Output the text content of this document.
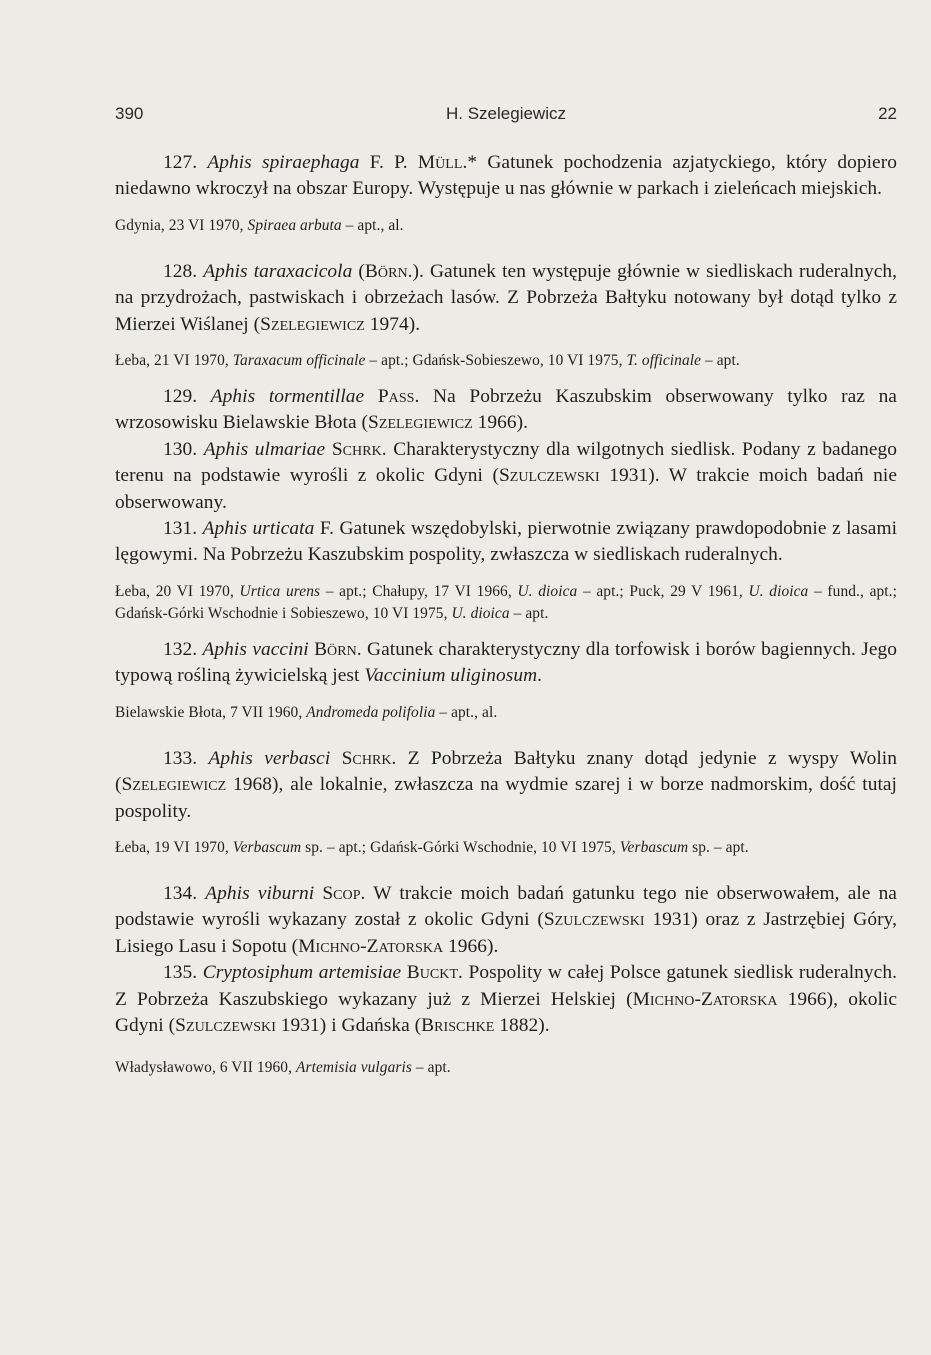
390	H. Szelegiewicz	22

127. Aphis spiraephaga F. P. Müll.* Gatunek pochodzenia azjatyckiego, który dopiero niedawno wkroczył na obszar Europy. Występuje u nas głównie w parkach i zieleńcach miejskich.

Gdynia, 23 VI 1970, Spiraea arbuta – apt., al.

128. Aphis taraxacicola (Börn.). Gatunek ten występuje głównie w siedliskach ruderalnych, na przydrożach, pastwiskach i obrzeżach lasów. Z Pobrzeża Bałtyku notowany był dotąd tylko z Mierzei Wiślanej (Szelegiewicz 1974).

Łeba, 21 VI 1970, Taraxacum officinale – apt.; Gdańsk-Sobieszewo, 10 VI 1975, T. officinale – apt.

129. Aphis tormentillae Pass. Na Pobrzeżu Kaszubskim obserwowany tylko raz na wrzosowisku Bielawskie Błota (Szelegiewicz 1966).

130. Aphis ulmariae Schrk. Charakterystyczny dla wilgotnych siedlisk. Podany z badanego terenu na podstawie wyrośli z okolic Gdyni (Szulczewski 1931). W trakcie moich badań nie obserwowany.

131. Aphis urticata F. Gatunek wszędobylski, pierwotnie związany prawdopodobnie z lasami lęgowymi. Na Pobrzeżu Kaszubskim pospolity, zwłaszcza w siedliskach ruderalnych.

Łeba, 20 VI 1970, Urtica urens – apt.; Chałupy, 17 VI 1966, U. dioica – apt.; Puck, 29 V 1961, U. dioica – fund., apt.; Gdańsk-Górki Wschodnie i Sobieszewo, 10 VI 1975, U. dioica – apt.

132. Aphis vaccini Börn. Gatunek charakterystyczny dla torfowisk i borów bagiennych. Jego typową rośliną żywicielską jest Vaccinium uliginosum.

Bielawskie Błota, 7 VII 1960, Andromeda polifolia – apt., al.

133. Aphis verbasci Schrk. Z Pobrzeża Bałtyku znany dotąd jedynie z wyspy Wolin (Szelegiewicz 1968), ale lokalnie, zwłaszcza na wydmie szarej i w borze nadmorskim, dość tutaj pospolity.

Łeba, 19 VI 1970, Verbascum sp. – apt.; Gdańsk-Górki Wschodnie, 10 VI 1975, Verbascum sp. – apt.

134. Aphis viburni Scop. W trakcie moich badań gatunku tego nie obserwowałem, ale na podstawie wyrośli wykazany został z okolic Gdyni (Szulczewski 1931) oraz z Jastrzębiej Góry, Lisiego Lasu i Sopotu (Michno-Zatorska 1966).

135. Cryptosiphum artemisiae Buckt. Pospolity w całej Polsce gatunek siedlisk ruderalnych. Z Pobrzeża Kaszubskiego wykazany już z Mierzei Helskiej (Michno-Zatorska 1966), okolic Gdyni (Szulczewski 1931) i Gdańska (Brischke 1882).

Władysławowo, 6 VII 1960, Artemisia vulgaris – apt.
